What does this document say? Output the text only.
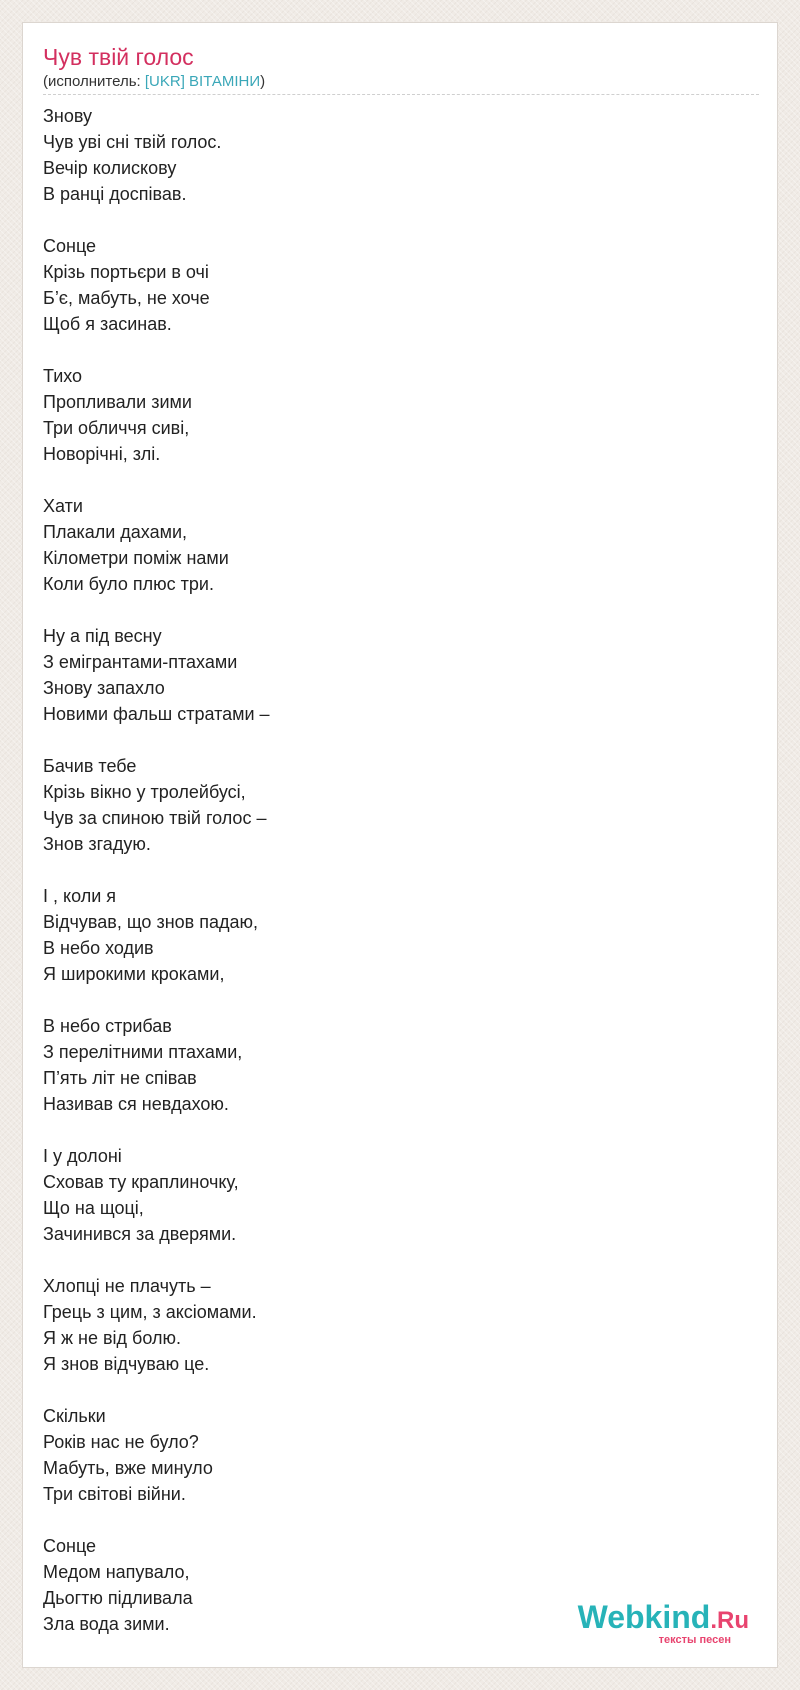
Чув твій голос
(исполнитель: [UKR] ВІТАМІНИ)
Знову
Чув уві сні твій голос.
Вечір колискову
В ранці доспівав.
Сонце
Крізь портьєри в очі
Б’є, мабуть, не хоче
Щоб я засинав.
Тихо
Пропливали зими
Три обличчя сиві,
Новорічні, злі.
Хати
Плакали дахами,
Кілометри поміж нами
Коли було плюс три.
Ну а під весну
З емігрантами-птахами
Знову запахло
Новими фальш стратами –
Бачив тебе
Крізь вікно у тролейбусі,
Чув за спиною твій голос –
Знов згадую.
І , коли я
Відчував, що знов падаю,
В небо ходив
Я широкими кроками,
В небо стрибав
З перелітними птахами,
П’ять літ не співав
Називав ся невдахою.
І у долоні
Сховав ту краплиночку,
Що на щоці,
Зачинився за дверями.
Хлопці не плачуть –
Грець з цим, з аксіомами.
Я ж не від болю.
Я знов відчуваю це.
Скільки
Років нас не було?
Мабуть, вже минуло
Три світові війни.
Сонце
Медом напувало,
Дьогтю підливала
Зла вода зими.	Webkind.Ru
тексты песен
